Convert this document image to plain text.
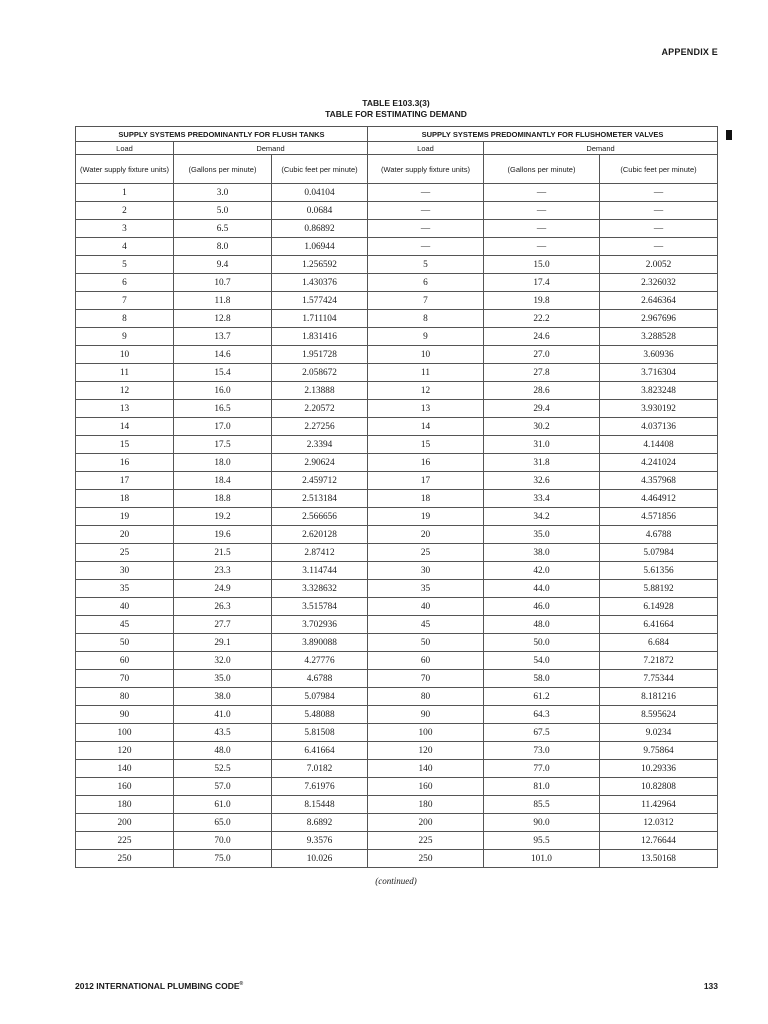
APPENDIX E
TABLE E103.3(3)
TABLE FOR ESTIMATING DEMAND
SUPPLY SYSTEMS PREDOMINANTLY FOR FLUSH TANKS			SUPPLY SYSTEMS PREDOMINANTLY FOR FLUSHOMETER VALVES		
Load	Demand		Load	Demand	
(Water supply fixture units)	(Gallons per minute)	(Cubic feet per minute)	(Water supply fixture units)	(Gallons per minute)	(Cubic feet per minute)
1	3.0	0.04104	—	—	—
2	5.0	0.0684	—	—	—
3	6.5	0.86892	—	—	—
4	8.0	1.06944	—	—	—
5	9.4	1.256592	5	15.0	2.0052
6	10.7	1.430376	6	17.4	2.326032
7	11.8	1.577424	7	19.8	2.646364
8	12.8	1.711104	8	22.2	2.967696
9	13.7	1.831416	9	24.6	3.288528
10	14.6	1.951728	10	27.0	3.60936
11	15.4	2.058672	11	27.8	3.716304
12	16.0	2.13888	12	28.6	3.823248
13	16.5	2.20572	13	29.4	3.930192
14	17.0	2.27256	14	30.2	4.037136
15	17.5	2.3394	15	31.0	4.14408
16	18.0	2.90624	16	31.8	4.241024
17	18.4	2.459712	17	32.6	4.357968
18	18.8	2.513184	18	33.4	4.464912
19	19.2	2.566656	19	34.2	4.571856
20	19.6	2.620128	20	35.0	4.6788
25	21.5	2.87412	25	38.0	5.07984
30	23.3	3.114744	30	42.0	5.61356
35	24.9	3.328632	35	44.0	5.88192
40	26.3	3.515784	40	46.0	6.14928
45	27.7	3.702936	45	48.0	6.41664
50	29.1	3.890088	50	50.0	6.684
60	32.0	4.27776	60	54.0	7.21872
70	35.0	4.6788	70	58.0	7.75344
80	38.0	5.07984	80	61.2	8.181216
90	41.0	5.48088	90	64.3	8.595624
100	43.5	5.81508	100	67.5	9.0234
120	48.0	6.41664	120	73.0	9.75864
140	52.5	7.0182	140	77.0	10.29336
160	57.0	7.61976	160	81.0	10.82808
180	61.0	8.15448	180	85.5	11.42964
200	65.0	8.6892	200	90.0	12.0312
225	70.0	9.3576	225	95.5	12.76644
250	75.0	10.026	250	101.0	13.50168
(continued)
2012 INTERNATIONAL PLUMBING CODE®	133
